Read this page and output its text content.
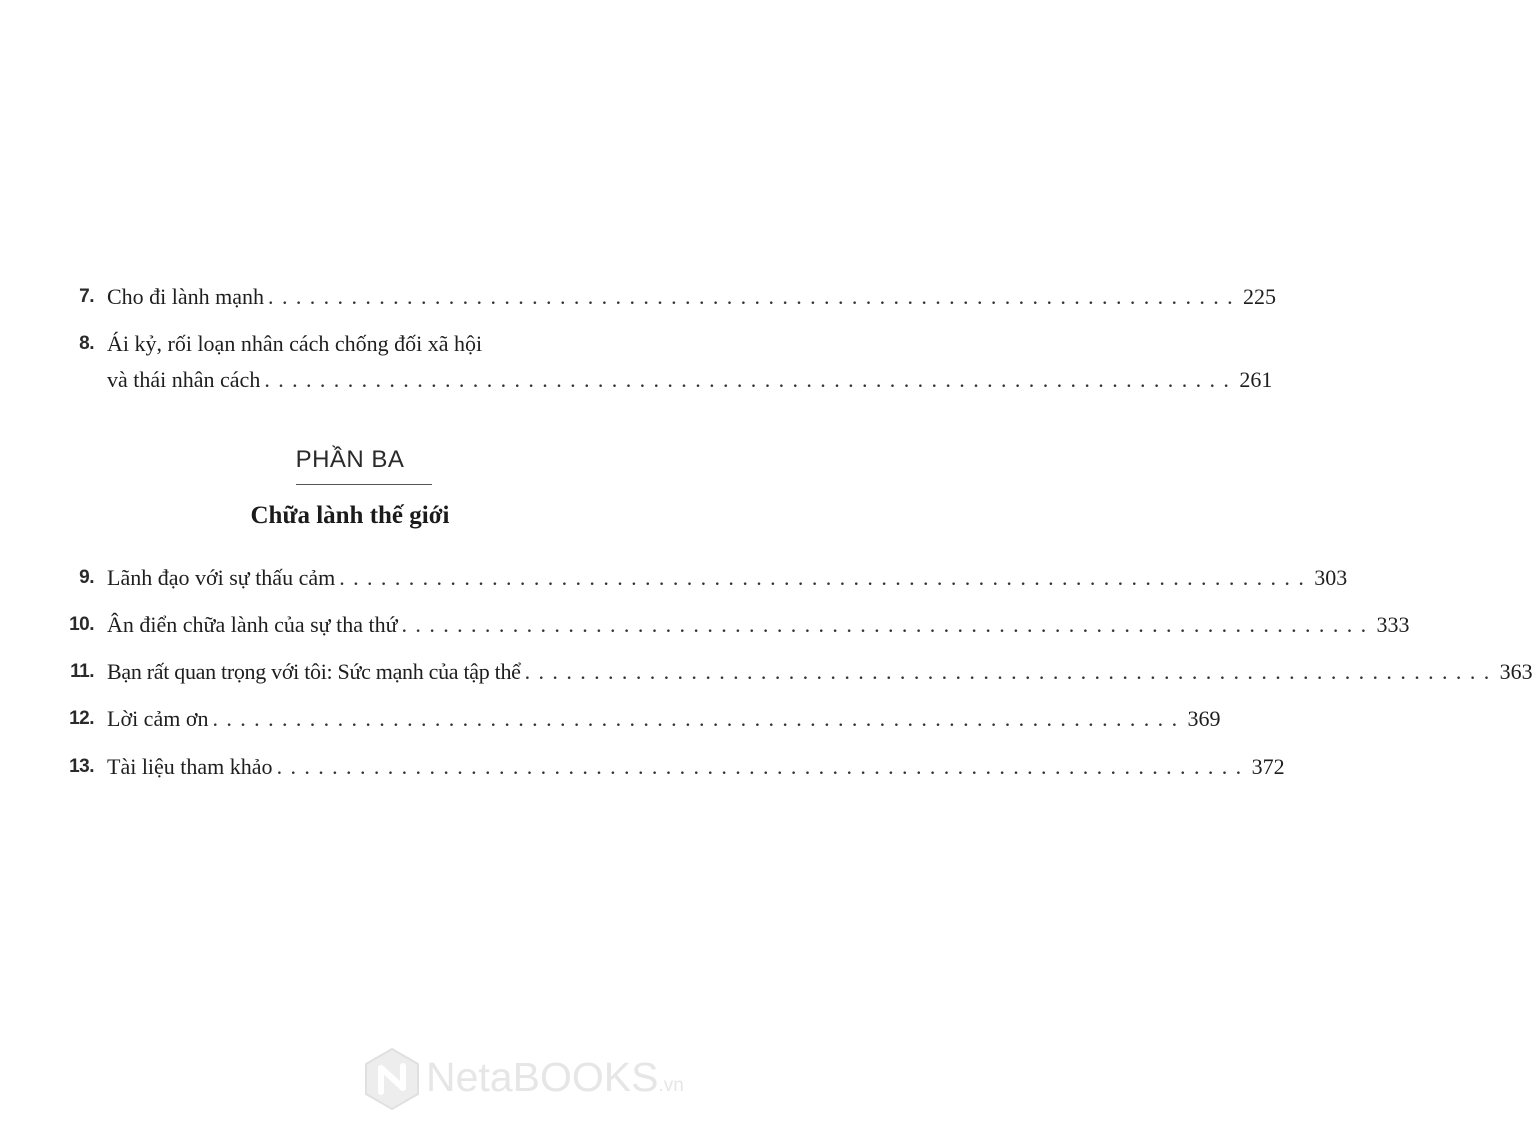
7. Cho đi lành mạnh ...................................................................... 225
8. Ái kỷ, rối loạn nhân cách chống đối xã hội
và thái nhân cách ...................................................................... 261
PHẦN BA
Chữa lành thế giới
9. Lãnh đạo với sự thấu cảm ...................................................................... 303
10. Ân điển chữa lành của sự tha thứ ...................................................................... 333
11. Bạn rất quan trọng với tôi: Sức mạnh của tập thể ...................................................................... 363
12. Lời cảm ơn ...................................................................... 369
13. Tài liệu tham khảo ...................................................................... 372
NetaBOOKS.vn
